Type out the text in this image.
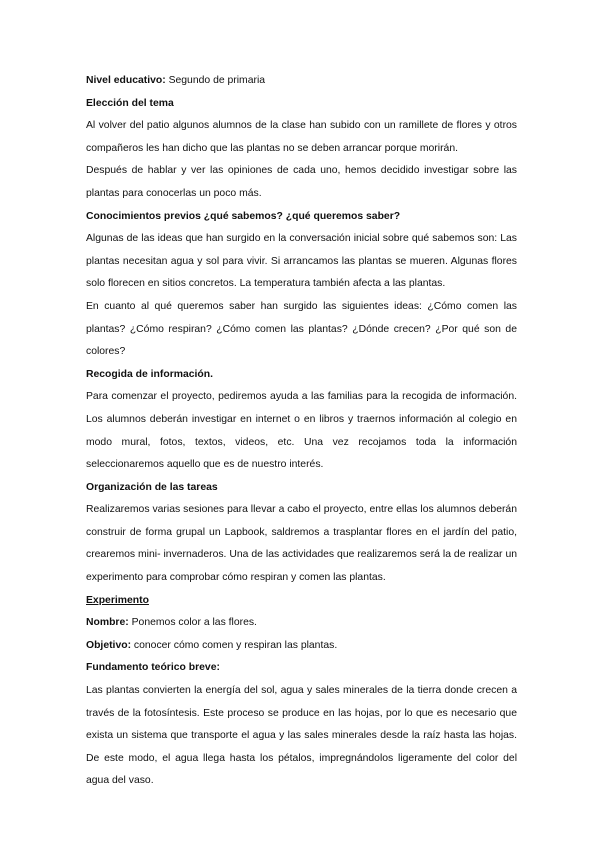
Nivel educativo: Segundo de primaria

Elección del tema

Al volver del patio algunos alumnos de la clase han subido con un ramillete de flores y otros compañeros les han dicho que las plantas no se deben arrancar porque morirán.

Después de hablar y ver las opiniones de cada uno, hemos decidido investigar sobre las plantas para conocerlas un poco más.

Conocimientos previos ¿qué sabemos? ¿qué queremos saber?

Algunas de las ideas que han surgido en la conversación inicial sobre qué sabemos son: Las plantas necesitan agua y sol para vivir. Si arrancamos las plantas se mueren. Algunas flores solo florecen en sitios concretos. La temperatura también afecta a las plantas.

En cuanto al qué queremos saber han surgido las siguientes ideas: ¿Cómo comen las plantas? ¿Cómo respiran? ¿Cómo comen las plantas? ¿Dónde crecen? ¿Por qué son de colores?

Recogida de información.

Para comenzar el proyecto, pediremos ayuda a las familias para la recogida de información. Los alumnos deberán investigar en internet o en libros y traernos información al colegio en modo mural, fotos, textos, videos, etc. Una vez recojamos toda la información seleccionaremos aquello que es de nuestro interés.

Organización de las tareas

Realizaremos varias sesiones para llevar a cabo el proyecto, entre ellas los alumnos deberán construir de forma grupal un Lapbook, saldremos a trasplantar flores en el jardín del patio, crearemos mini- invernaderos. Una de las actividades que realizaremos será la de realizar un experimento para comprobar cómo respiran y comen las plantas.

Experimento

Nombre: Ponemos color a las flores.

Objetivo: conocer cómo comen y respiran las plantas.

Fundamento teórico breve:

Las plantas convierten la energía del sol, agua y sales minerales de la tierra donde crecen a través de la fotosíntesis. Este proceso se produce en las hojas, por lo que es necesario que exista un sistema que transporte el agua y las sales minerales desde la raíz hasta las hojas. De este modo, el agua llega hasta los pétalos, impregnándolos ligeramente del color del agua del vaso.
